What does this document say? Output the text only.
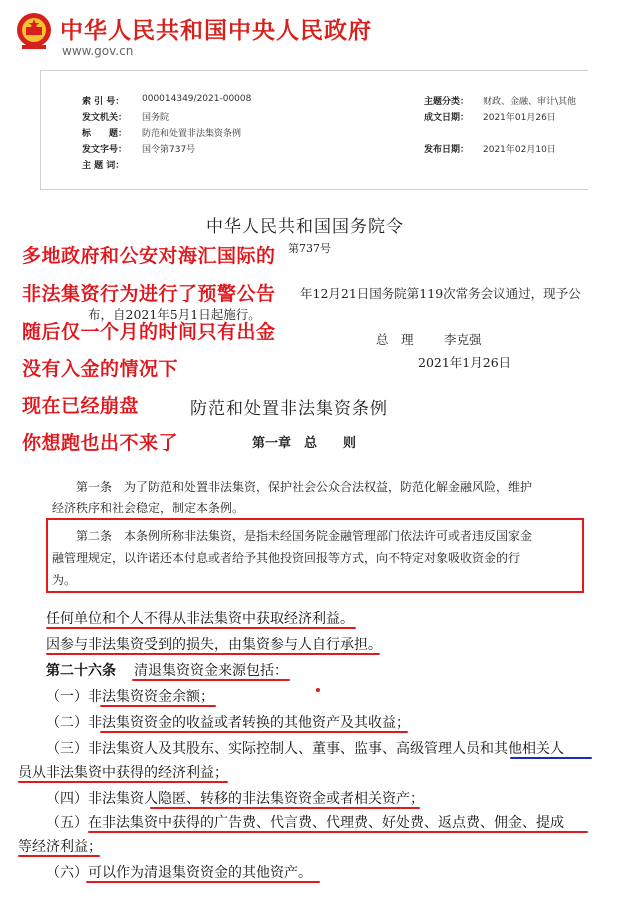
中华人民共和国中央人民政府
www.gov.cn
索 引 号： 000014349/2021-00008
发文机关： 国务院
标　　题： 防范和处置非法集资条例
发文字号： 国令第737号
主 题 词：
主题分类： 财政、金融、审计\其他
成文日期： 2021年01月26日
发布日期： 2021年02月10日
中华人民共和国国务院令
第737号
年12月21日国务院第119次常务会议通过，现予公
布，自2021年5月1日起施行。
总　理 李克强
2021年1月26日
防范和处置非法集资条例
第一章　总　　则
第一条　为了防范和处置非法集资，保护社会公众合法权益，防范化解金融风险，维护
经济秩序和社会稳定，制定本条例。
第二条　本条例所称非法集资，是指未经国务院金融管理部门依法许可或者违反国家金
融管理规定，以许诺还本付息或者给予其他投资回报等方式，向不特定对象吸收资金的行
为。
任何单位和个人不得从非法集资中获取经济利益。
因参与非法集资受到的损失，由集资参与人自行承担。
第二十六条 清退集资资金来源包括：
（一）非法集资资金余额；
（二）非法集资资金的收益或者转换的其他资产及其收益；
（三）非法集资人及其股东、实际控制人、董事、监事、高级管理人员和其他相关人
员从非法集资中获得的经济利益；
（四）非法集资人隐匿、转移的非法集资资金或者相关资产；
（五）在非法集资中获得的广告费、代言费、代理费、好处费、返点费、佣金、提成
等经济利益；
（六）可以作为清退集资资金的其他资产。
多地政府和公安对海汇国际的
非法集资行为进行了预警公告
随后仅一个月的时间只有出金
没有入金的情况下
现在已经崩盘
你想跑也出不来了
